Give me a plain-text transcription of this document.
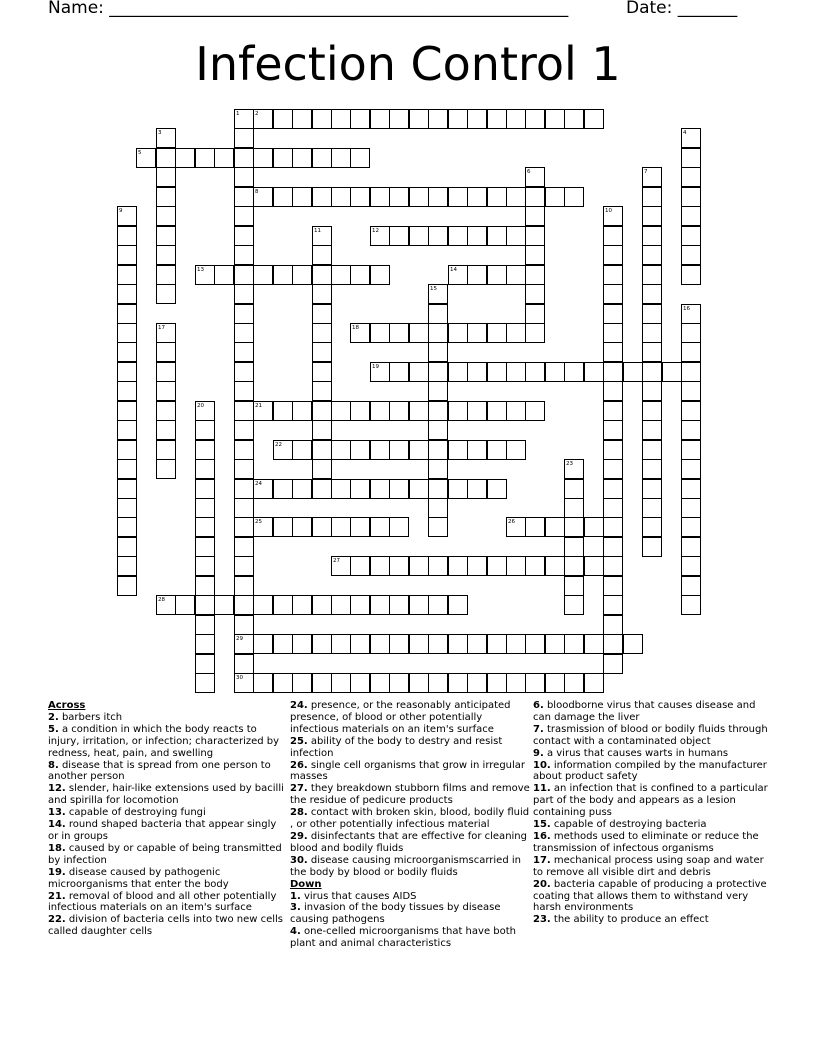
Name: ______________________________________________________	Date: _______
Infection Control 1
1	2
3	4
5
6	7
8
9	10
11	12
13	14
15
16
17	18
19
20	21
22
23
24
25	26
27
28
29
30

Across

2. barbers itch

5. a condition in which the body reacts to injury, irritation, or infection; characterized by redness, heat, pain, and swelling

8. disease that is spread from one person to another person

12. slender, hair-like extensions used by bacilli and spirilla for locomotion

13. capable of destroying fungi

14. round shaped bacteria that appear singly or in groups

18. caused by or capable of being transmitted by infection

19. disease caused by pathogenic microorganisms that enter the body

21. removal of blood and all other potentially infectious materials on an item's surface

22. division of bacteria cells into two new cells called daughter cells

24. presence, or the reasonably anticipated presence, of blood or other potentially infectious materials on an item's surface

25. ability of the body to destry and resist infection

26. single cell organisms that grow in irregular masses

27. they breakdown stubborn films and remove the residue of pedicure products

28. contact with broken skin, blood, bodily fluid , or other potentially infectious material

29. disinfectants that are effective for cleaning blood and bodily fluids

30. disease causing microorganismscarried in the body by blood or bodily fluids

Down

1. virus that causes AIDS

3. invasion of the body tissues by disease causing pathogens

4. one-celled microorganisms that have both plant and animal characteristics

6. bloodborne virus that causes disease and can damage the liver

7. trasmission of blood or bodily fluids through contact with a contaminated object

9. a virus that causes warts in humans

10. information compiled by the manufacturer about product safety

11. an infection that is confined to a particular part of the body and appears as a lesion containing puss

15. capable of destroying bacteria

16. methods used to eliminate or reduce the transmission of infectous organisms

17. mechanical process using soap and water to remove all visible dirt and debris

20. bacteria capable of producing a protective coating that allows them to withstand very harsh environments

23. the ability to produce an effect
